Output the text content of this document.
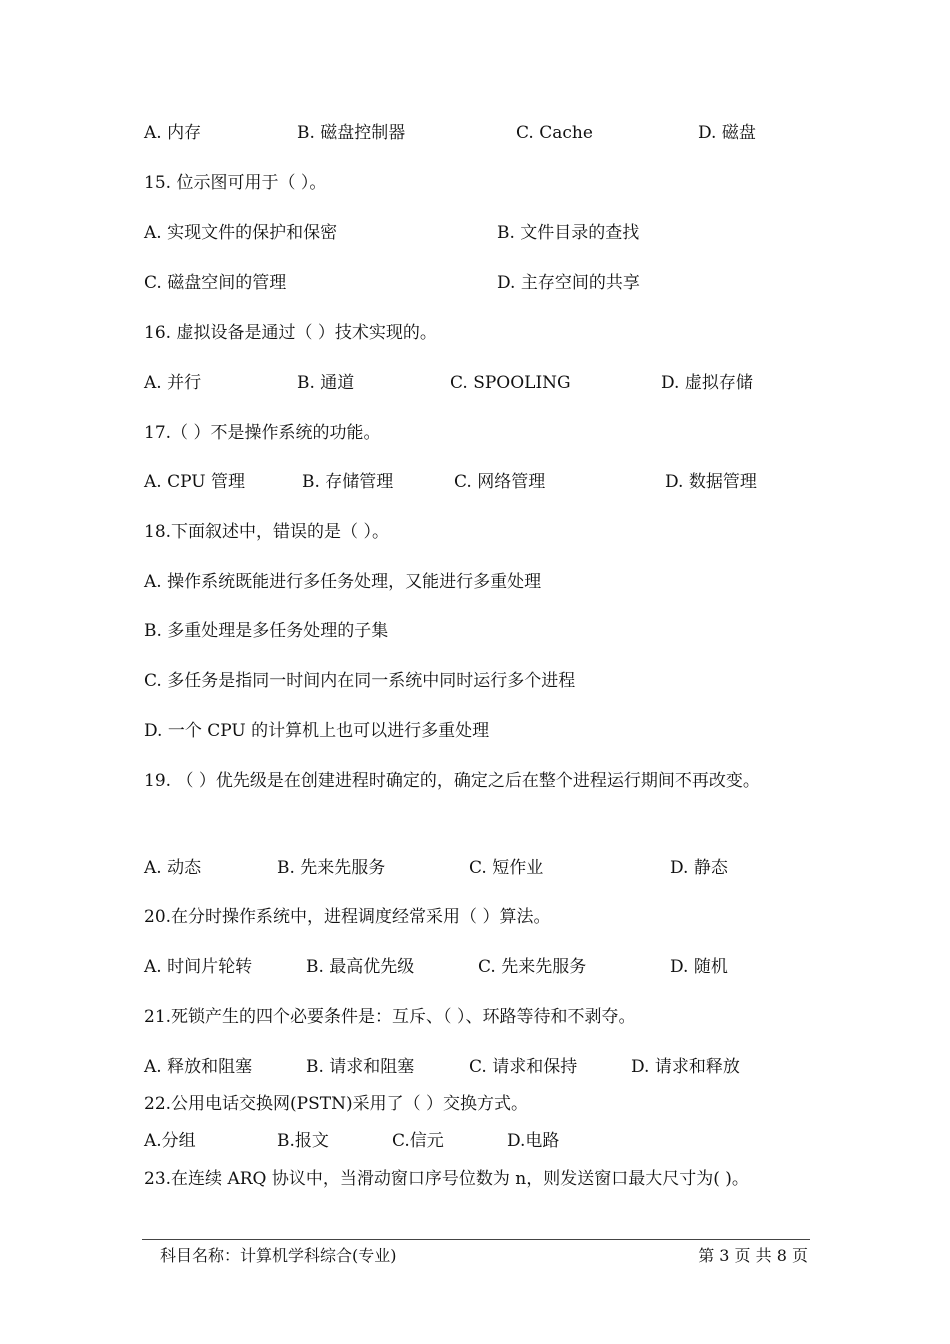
A. 内存	B. 磁盘控制器	C. Cache	D. 磁盘
15. 位示图可用于（ ）。
A. 实现文件的保护和保密	B. 文件目录的查找
C. 磁盘空间的管理	D. 主存空间的共享
16. 虚拟设备是通过（ ）技术实现的。
A. 并行	B. 通道	C. SPOOLING	D. 虚拟存储
17.（ ）不是操作系统的功能。
A. CPU 管理	B. 存储管理	C. 网络管理	D. 数据管理
18.下面叙述中，错误的是（ ）。
A. 操作系统既能进行多任务处理，又能进行多重处理
B. 多重处理是多任务处理的子集
C. 多任务是指同一时间内在同一系统中同时运行多个进程
D. 一个 CPU 的计算机上也可以进行多重处理
19. （ ）优先级是在创建进程时确定的，确定之后在整个进程运行期间不再改变。
A. 动态	B. 先来先服务	C. 短作业	D. 静态
20.在分时操作系统中，进程调度经常采用（ ）算法。
A. 时间片轮转	B. 最高优先级	C. 先来先服务	D. 随机
21.死锁产生的四个必要条件是：互斥、（ ）、环路等待和不剥夺。
A. 释放和阻塞	B. 请求和阻塞	C. 请求和保持	D. 请求和释放
22.公用电话交换网(PSTN)采用了（ ）交换方式。
A.分组	B.报文	C.信元	D.电路
23.在连续 ARQ 协议中，当滑动窗口序号位数为 n，则发送窗口最大尺寸为( )。
科目名称：计算机学科综合(专业)	第 3 页 共 8 页
